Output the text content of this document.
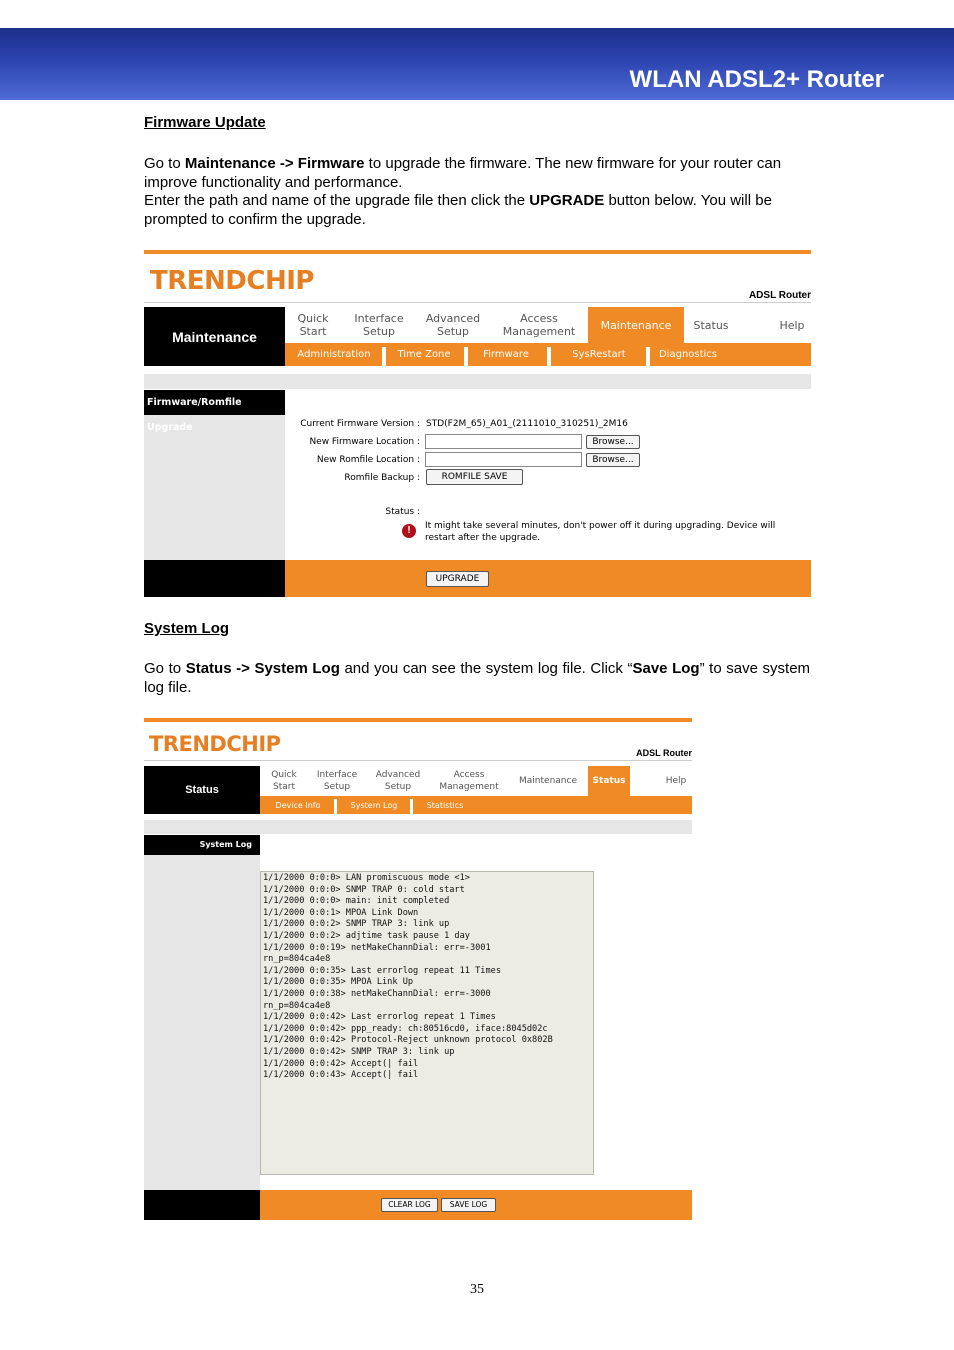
WLAN ADSL2+ Router
Firmware Update
Go to Maintenance -> Firmware to upgrade the firmware. The new firmware for your router can improve functionality and performance.
Enter the path and name of the upgrade file then click the UPGRADE button below. You will be prompted to confirm the upgrade.
TRENDCHIP	ADSL Router
Maintenance
Quick
Start
Interface
Setup
Advanced
Setup
Access
Management	Maintenance	Status	Help
Administration	Time Zone	Firmware	SysRestart	Diagnostics
Firmware/Romfile Upgrade	Current Firmware Version : STD(F2M_65)_A01_(2111010_310251)_2M16
New Firmware Location :	Browse...
New Romfile Location :	Browse...
Romfile Backup :	ROMFILE SAVE
Status :
!	It might take several minutes, don't power off it during upgrading. Device will restart after the upgrade.
UPGRADE
System Log
Go to Status -> System Log and you can see the system log file. Click “Save Log” to save system log file.
TRENDCHIP	ADSL Router
Status
Quick
Start
Interface
Setup
Advanced
Setup
Access
Management
Maintenance	Status	Help
Device Info	System Log	Statistics
System Log
1/1/2000 0:0:0> LAN promiscuous mode <1>
1/1/2000 0:0:0> SNMP TRAP 0: cold start
1/1/2000 0:0:0> main: init completed
1/1/2000 0:0:1> MPOA Link Down
1/1/2000 0:0:2> SNMP TRAP 3: link up
1/1/2000 0:0:2> adjtime task pause 1 day
1/1/2000 0:0:19> netMakeChannDial: err=-3001
rn_p=804ca4e8
1/1/2000 0:0:35> Last errorlog repeat 11 Times
1/1/2000 0:0:35> MPOA Link Up
1/1/2000 0:0:38> netMakeChannDial: err=-3000
rn_p=804ca4e8
1/1/2000 0:0:42> Last errorlog repeat 1 Times
1/1/2000 0:0:42> ppp_ready: ch:80516cd0, iface:8045d02c
1/1/2000 0:0:42> Protocol-Reject unknown protocol 0x802B
1/1/2000 0:0:42> SNMP TRAP 3: link up
1/1/2000 0:0:42> Accept(| fail
1/1/2000 0:0:43> Accept(| fail
CLEAR LOG	SAVE LOG
35
